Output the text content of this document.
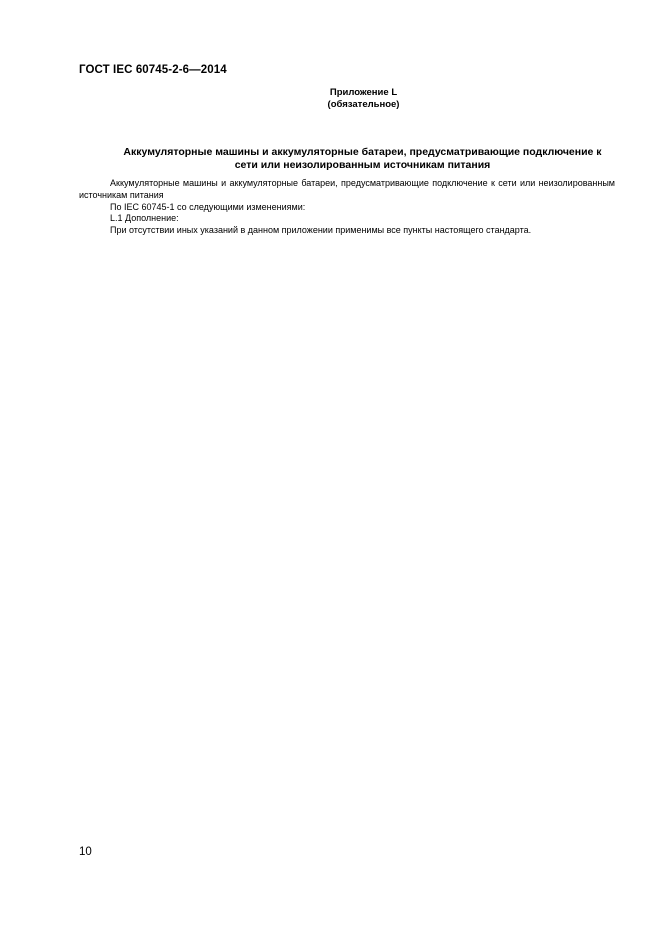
ГОСТ IEC 60745-2-6—2014
Приложение L
(обязательное)
Аккумуляторные машины и аккумуляторные батареи, предусматривающие подключение к
сети или неизолированным источникам питания

Аккумуляторные машины и аккумуляторные батареи, предусматривающие подключение к сети или неизолированным источникам питания

По IEC 60745-1 со следующими изменениями:

L.1 Дополнение:

При отсутствии иных указаний в данном приложении применимы все пункты настоящего стандарта.

10
